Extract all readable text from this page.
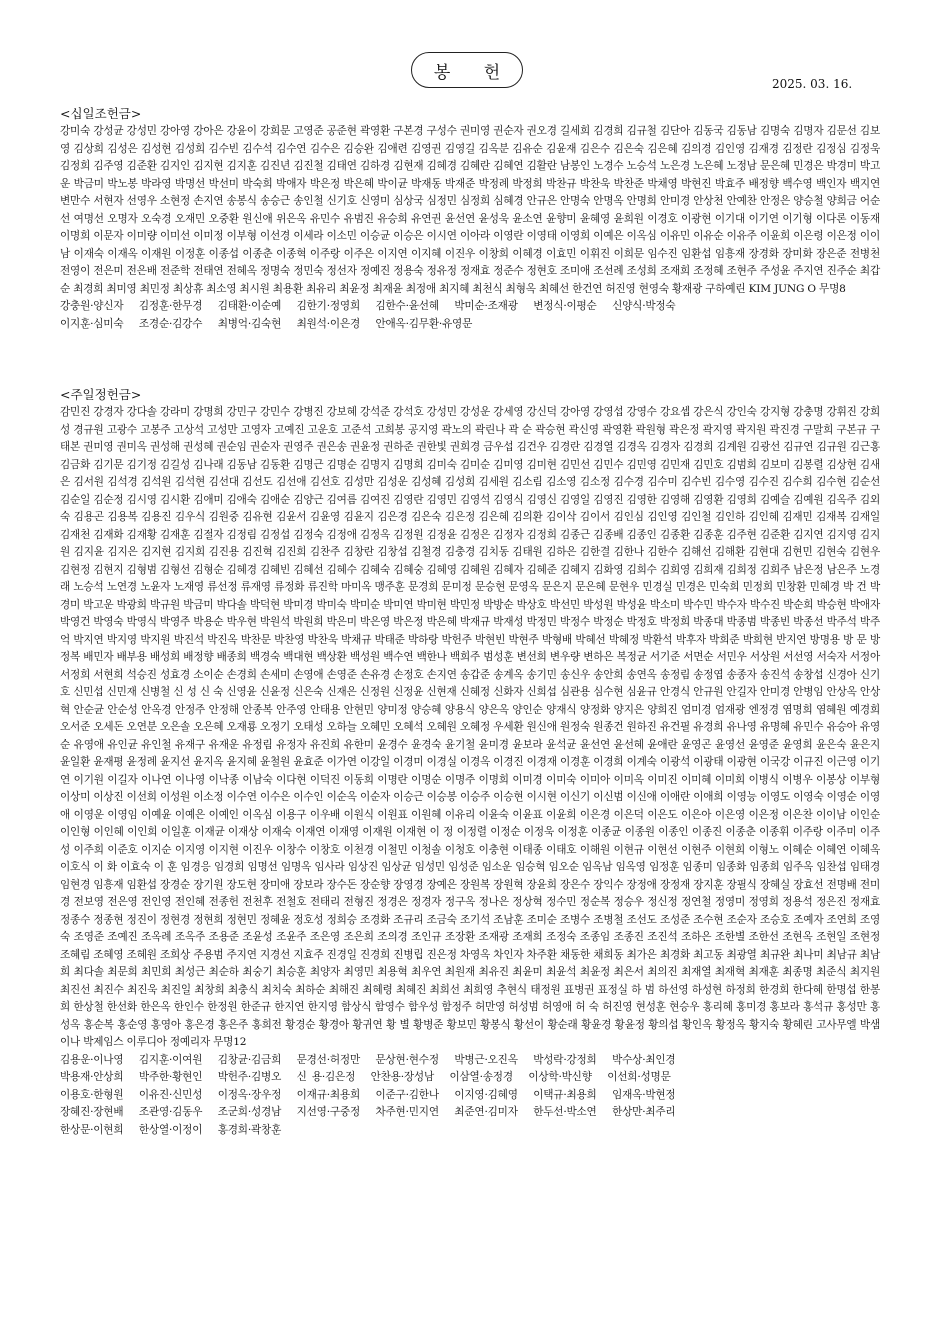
봉 헌
2025. 03. 16.
<십일조헌금>
강미숙 강성균 강성민 강아영 강아은 강윤이 강희문 고영준 공준현 곽영환 구본경 구성수 권미영 권순자 권오경 길세희 김경희 김규철 김단아 김동국 김동남 김명숙 김명자 김문선 김보영 김상희 김성은 김성현 김성희 김수빈 김수석 김수연 김수은 김승완 김애련 김영권 김영길 김옥분 김유순 김윤재 김은수 김은숙 김은혜 김의경 김인영 김재경 김정란 김정심 김정욱 김정희 김주영 김준환 김지인 김지현 김지훈 김진년 김진철 김태연 김하경 김현재 김혜경 김혜란 김혜연 김활란 남봉인 노경수 노승석 노은경 노은혜 노정남 문은혜 민경은 박경미 박고운 박금미 박노봉 박라영 박명선 박선미 박숙희 박애자 박은정 박은혜 박이균 박재동 박재준 박정례 박정희 박찬규 박찬욱 박찬준 박채영 박현진 박효주 배정향 백수영 백인자 백지연 변만수 서현자 선영우 소현정 손지연 송봉식 송승근 송인철 신기호 신영미 심상국 심정민 심정희 심혜경 안규은 안명숙 안명옥 안명희 안미경 안상천 안예찬 안정은 양승철 양희금 어순선 여명선 오명자 오숙경 오재민 오중환 원신애 위은옥 유민수 유범진 유승희 유연권 윤선연 윤성욱 윤소연 윤향미 윤혜영 윤희원 이경호 이광현 이기대 이기연 이기형 이다론 이동재 이명희 이문자 이미량 이미선 이미정 이부형 이선경 이세라 이소민 이승균 이승은 이시연 이아라 이영란 이영태 이영희 이예은 이옥심 이유민 이유순 이유주 이윤희 이은령 이은정 이이남 이재숙 이재옥 이재원 이정훈 이종섭 이종춘 이종혁 이주랑 이주은 이지연 이지혜 이진우 이창희 이혜경 이효민 이휘진 이희문 임수진 임환섭 임흥재 장경화 장미화 장은준 전병천 전영이 전은미 전은배 전준학 전태연 전혜옥 정명숙 정민숙 정선자 정예진 정용숙 정유정 정재효 정준수 정현호 조미애 조선례 조성희 조재희 조정혜 조현주 주성윤 주지연 진주순 최갑순 최경희 최미영 최민정 최상휴 최소영 최시원 최용환 최유리 최윤정 최재윤 최정애 최지혜 최천식 최형옥 최혜선 한건연 허진영 현영숙 황재광 구하예린 KIM JUNG O 무명8
강충원·양신자   김정훈·한무경   김태환·이순예   김한기·정영희   김한수·윤선혜   박미순·조재광   변정식·이평순   신양식·박정숙
이지훈·심미숙   조경순·김강수   최병억·김숙현   최원석·이은경   안애옥·김무환·유영문
<주일정헌금>
감민진 강경자 강다솔 강라미 강명희 강민구 강민수 강병진 강보혜 강석준 강석호 강성민 강성운 강세영 강신덕 강아영 강영섭 강영수 강요셉 강은식 강인숙 강지형 강충명 강휘진 강희성 경규원 고광수 고봉주 고상석 고성만 고영자 고예진 고운호 고준석 고희봉 공지영 곽노의 곽린나 곽 순 곽승현 곽신영 곽영환 곽원형 곽은정 곽지영 곽지원 곽진경 구말희 구본규 구태본 권미영 권미옥 권성해 권성혜 권순임 권순자 권영주 권은송 권윤정 권하준 권한빛 권희경 금우섭 김건우 김경란 김경열 김경옥 김경자 김경희 김계원 김광선 김규연 김규원 김근홍 김금화 김기문 김기정 김길성 김나래 김동남 김동환 김명근 김명순 김명지 김명희 김미숙 김미순 김미영 김미현 김민선 김민수 김민영 김민재 김민호 김범희 김보미 김봉렬 김상현 김새은 김서원 김석경 김석원 김석현 김선대 김선도 김선애 김선호 김성만 김성운 김성혜 김성희 김세원 김소림 김소영 김소정 김수경 김수미 김수빈 김수영 김수진 김수희 김수현 김순선 김순일 김순정 김시영 김시환 김애미 김애숙 김애순 김양근 김여름 김여진 김영란 김영민 김영석 김영식 김영신 김영일 김영진 김영한 김영해 김영환 김영희 김예슬 김예원 김옥주 김외숙 김용곤 김용복 김용진 김우식 김원중 김유현 김윤서 김윤영 김윤지 김은경 김은숙 김은정 김은혜 김의환 김이삭 김이서 김인심 김인영 김인철 김인하 김인혜 김재민 김재복 김재일 김재천 김재화 김재황 김재훈 김절자 김정림 김정섭 김정숙 김정애 김정옥 김정원 김정윤 김정은 김정자 김정희 김종근 김종배 김종인 김종환 김종훈 김주현 김준환 김지연 김지영 김지원 김지윤 김지은 김지현 김지희 김진용 김진혁 김진희 김찬주 김창란 김창섭 김철경 김충경 김치동 김태원 김하은 김한결 김한나 김한수 김해선 김해환 김현대 김현민 김현숙 김현우 김현정 김현지 김형범 김형선 김형순 김혜경 김혜빈 김혜선 김혜수 김혜숙 김혜숭 김혜영 김혜원 김혜자 김혜준 김혜지 김화영 김희수 김희영 김희재 김희정 김희주 남은정 남은주 노경래 노승석 노연경 노윤자 노재영 류선정 류재영 류정화 류진학 마미옥 맹주훈 문경희 문미정 문승현 문영옥 문은지 문은혜 문현우 민경실 민경은 민숙희 민정희 민창환 민혜경 박 건 박경미 박고운 박광희 박규원 박금미 박다솔 박덕현 박미경 박미숙 박미순 박미연 박미현 박민정 박방순 박상호 박선민 박성원 박성윤 박소미 박수민 박수자 박수진 박순희 박승현 박애자 박영건 박영숙 박영식 박영주 박용순 박우현 박원석 박원희 박은미 박은영 박은정 박은혜 박재규 박재성 박정민 박정수 박정순 박정호 박정희 박종대 박종범 박종빈 박종선 박주석 박주억 박지연 박지영 박지원 박진석 박진옥 박찬문 박찬영 박찬욱 박채규 박태준 박하랑 박헌주 박현빈 박현주 박형배 박혜선 박혜정 박환석 박후자 박희준 박희현 반지연 방명용 방 문 방정복 배민자 배부용 배성희 배정향 배종희 백경숙 백대현 백상환 백성원 백수연 백한나 백희주 범성훈 변선희 변우량 변하은 복정균 서기준 서면순 서민우 서상원 서선영 서숙자 서정아 서정희 서현희 석승진 성효경 소이순 손경희 손세미 손영애 손영준 손유경 손정호 손지연 송갑준 송계옥 송기민 송신우 송안희 송연옥 송정림 송정엽 송종자 송진석 송창섭 신경아 신기호 신민섭 신민재 신병철 신 성 신 숙 신영윤 신윤정 신은숙 신재은 신정원 신정윤 신현재 신혜정 신화자 신희섭 심관용 심수현 심윤규 안경식 안규원 안길자 안미경 안병임 안상옥 안상혁 안순균 안순성 안옥경 안정주 안정해 안종복 안주영 안태용 안현민 양미정 양승혜 양용식 양은옥 양인순 양재식 양정화 양지은 양희진 엄미경 엄재광 엔정경 염명희 염혜원 예경희 오서준 오세돈 오연분 오은솔 오은혜 오재룡 오정기 오태성 오하늘 오혜민 오혜석 오혜원 오혜정 우세환 원신애 원정숙 원종건 원하진 유건필 유경희 유나영 유명혜 유민수 유승아 유영순 유영애 유인균 유인철 유재구 유재운 유정림 유정자 유진희 유한미 윤경수 윤경숙 윤기철 윤미경 윤보라 윤석균 윤선연 윤선혜 윤애란 윤영곤 윤영선 윤영준 윤영희 윤은숙 윤은지 윤일환 윤재평 윤정례 윤지선 윤지옥 윤지혜 윤철원 윤효준 이가연 이강일 이경미 이경실 이경옥 이경진 이경재 이경훈 이경희 이계숙 이광석 이광태 이광현 이국강 이규진 이근영 이기연 이기원 이길자 이나연 이나영 이낙종 이남숙 이다현 이덕진 이동희 이명란 이명순 이명주 이명희 이미경 이미숙 이미아 이미옥 이미진 이미혜 이미희 이병식 이병우 이봉상 이부형 이상미 이상진 이선희 이성원 이소정 이수연 이수은 이수인 이순옥 이순자 이승근 이승봉 이승주 이승현 이시현 이신기 이신범 이신애 이애란 이애희 이영능 이영도 이영숙 이영순 이영애 이영운 이영임 이예윤 이예은 이예인 이옥심 이용구 이우배 이원식 이원표 이원혜 이유리 이윤숙 이윤표 이윤희 이은경 이은덕 이은도 이은아 이은영 이은정 이은찬 이이남 이인순 이인형 이인혜 이인희 이일훈 이재균 이재상 이재숙 이재연 이재영 이재원 이재현 이 정 이정렬 이정순 이정욱 이정훈 이종균 이종원 이종인 이종진 이종춘 이종휘 이주랑 이주미 이주성 이주희 이준호 이지순 이지영 이지현 이진우 이창수 이창호 이천경 이철민 이청솔 이청호 이충현 이태종 이태호 이해원 이현규 이현선 이현주 이현희 이형노 이혜순 이혜연 이혜옥 이호식 이 화 이효숙 이 훈 임경응 임경희 임명선 임명옥 임사라 임상진 임상균 임성민 임성준 임소운 임승혁 임오순 임옥남 임옥영 임정훈 임종미 임종화 임종희 임주옥 임찬섭 임태경 임현경 임흥재 임환섭 장경순 장기원 장도현 장미애 장보라 장수돈 장순향 장영경 장예은 장원복 장원혁 장윤희 장은수 장익수 장정애 장정재 장지훈 장필식 장혜실 장효선 전명배 전미경 전보영 전은영 전인영 전인혜 전종헌 전천후 전철호 전태리 전형진 정경은 정경자 정구옥 정나은 정상혁 정수민 정순복 정승우 정신정 정연철 정영미 정영희 정용석 정은진 정재효 정종수 정종현 정진이 정현경 정현희 정현민 정혜윤 정호성 정희승 조경화 조규리 조금숙 조기석 조남훈 조미순 조병수 조병철 조선도 조성준 조수현 조순자 조승호 조예자 조연희 조영숙 조영준 조예진 조옥례 조옥주 조용준 조윤성 조윤주 조은영 조은희 조의경 조인규 조장환 조재광 조재희 조정숙 조종임 조종진 조진석 조하은 조한별 조한선 조현옥 조현일 조현정 조혜림 조혜영 조혜원 조희상 주용범 주지연 지경선 지효주 진경일 진경희 진병립 진은정 차영옥 차인자 차주환 채동한 채희동 최가은 최경화 최고동 최광열 최규완 최나미 최남규 최남희 최다솔 최문희 최민희 최성근 최순하 최숭기 최승훈 최양자 최영민 최용혁 최우연 최원재 최유진 최윤미 최윤석 최윤정 최은서 최의진 최재열 최재혁 최재훈 최종명 최준식 최지원 최진선 최진수 최진욱 최진일 최창희 최충식 최치숙 최하순 최해진 최혜령 최혜진 최희선 최희영 추현식 태정원 표병권 표정실 하 범 하선영 하성현 하정희 한경희 한다혜 한명섭 한봉희 한상철 한선화 한은옥 한인수 한정원 한준규 한지연 한지영 함상식 함영수 함우성 함정주 허만영 허성범 허영애 허 숙 허진영 현성훈 현승우 홍리혜 홍미경 홍보라 홍석규 홍성만 홍성옥 홍순복 홍순영 홍영아 홍은경 홍은주 홍희전 황경순 황경아 황귀연 황 별 황병준 황보민 황봉식 황선이 황순래 황윤경 황윤정 황의섭 황인옥 황정옥 황지숙 황혜린 고사무엘 박샘이나 박제임스 이루디아 정예리자 무명12
김용운·이나영   김지훈·이여원   김창균·김금희   문경선·허정만   문상현·현수정   박병근·오진옥   박성락·강정희   박수상·최인경
박용재·안상희   박주한·황현인   박헌주·김병오   신 용·김은정   안찬용·장성남   이삼열·송정경   이상학·박신향   이선희·성명문
이용호·한형원   이유진·신민성   이정옥·장우정   이재규·최용희   이준구·김한나   이지영·김혜영   이택규·최용희   임재옥·박현정
장혜진·장현배   조관영·김동우   조군희·성경남   지선영·구중정   차주현·민지연   최준연·김미자   한두선·박소연   한상만·최주리
한상문·이현희   한상열·이정이   홍경희·곽창훈
